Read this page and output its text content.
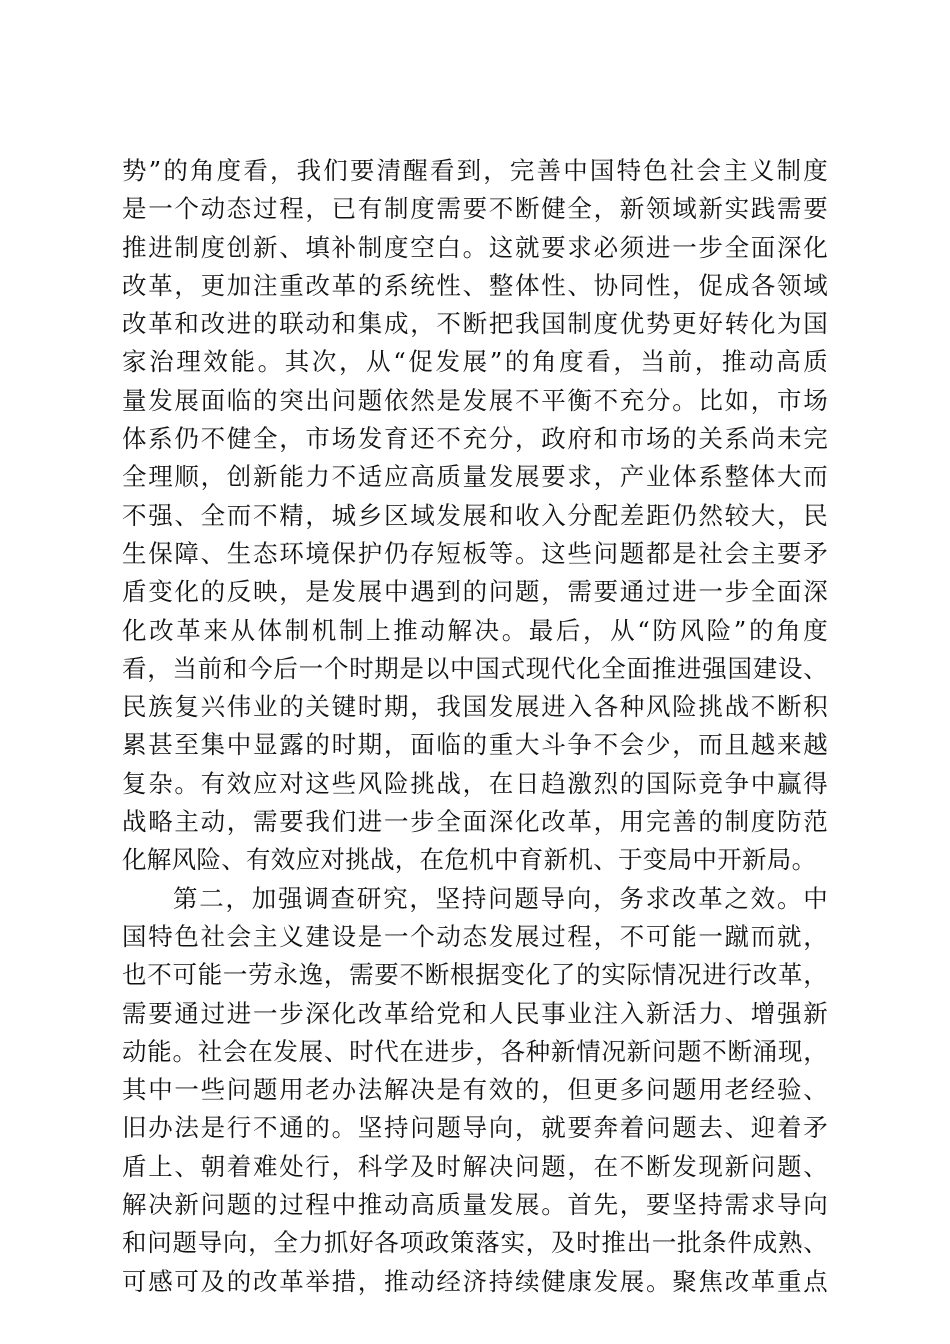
势”的角度看，我们要清醒看到，完善中国特色社会主义制度
是一个动态过程，已有制度需要不断健全，新领域新实践需要
推进制度创新、填补制度空白。这就要求必须进一步全面深化
改革，更加注重改革的系统性、整体性、协同性，促成各领域
改革和改进的联动和集成，不断把我国制度优势更好转化为国
家治理效能。其次，从“促发展”的角度看，当前，推动高质
量发展面临的突出问题依然是发展不平衡不充分。比如，市场
体系仍不健全，市场发育还不充分，政府和市场的关系尚未完
全理顺，创新能力不适应高质量发展要求，产业体系整体大而
不强、全而不精，城乡区域发展和收入分配差距仍然较大，民
生保障、生态环境保护仍存短板等。这些问题都是社会主要矛
盾变化的反映，是发展中遇到的问题，需要通过进一步全面深
化改革来从体制机制上推动解决。最后，从“防风险”的角度
看，当前和今后一个时期是以中国式现代化全面推进强国建设、
民族复兴伟业的关键时期，我国发展进入各种风险挑战不断积
累甚至集中显露的时期，面临的重大斗争不会少，而且越来越
复杂。有效应对这些风险挑战，在日趋激烈的国际竞争中赢得
战略主动，需要我们进一步全面深化改革，用完善的制度防范
化解风险、有效应对挑战，在危机中育新机、于变局中开新局。
第二，加强调查研究，坚持问题导向，务求改革之效。中
国特色社会主义建设是一个动态发展过程，不可能一蹴而就，
也不可能一劳永逸，需要不断根据变化了的实际情况进行改革，
需要通过进一步深化改革给党和人民事业注入新活力、增强新
动能。社会在发展、时代在进步，各种新情况新问题不断涌现，
其中一些问题用老办法解决是有效的，但更多问题用老经验、
旧办法是行不通的。坚持问题导向，就要奔着问题去、迎着矛
盾上、朝着难处行，科学及时解决问题，在不断发现新问题、
解决新问题的过程中推动高质量发展。首先，要坚持需求导向
和问题导向，全力抓好各项政策落实，及时推出一批条件成熟、
可感可及的改革举措，推动经济持续健康发展。聚焦改革重点
